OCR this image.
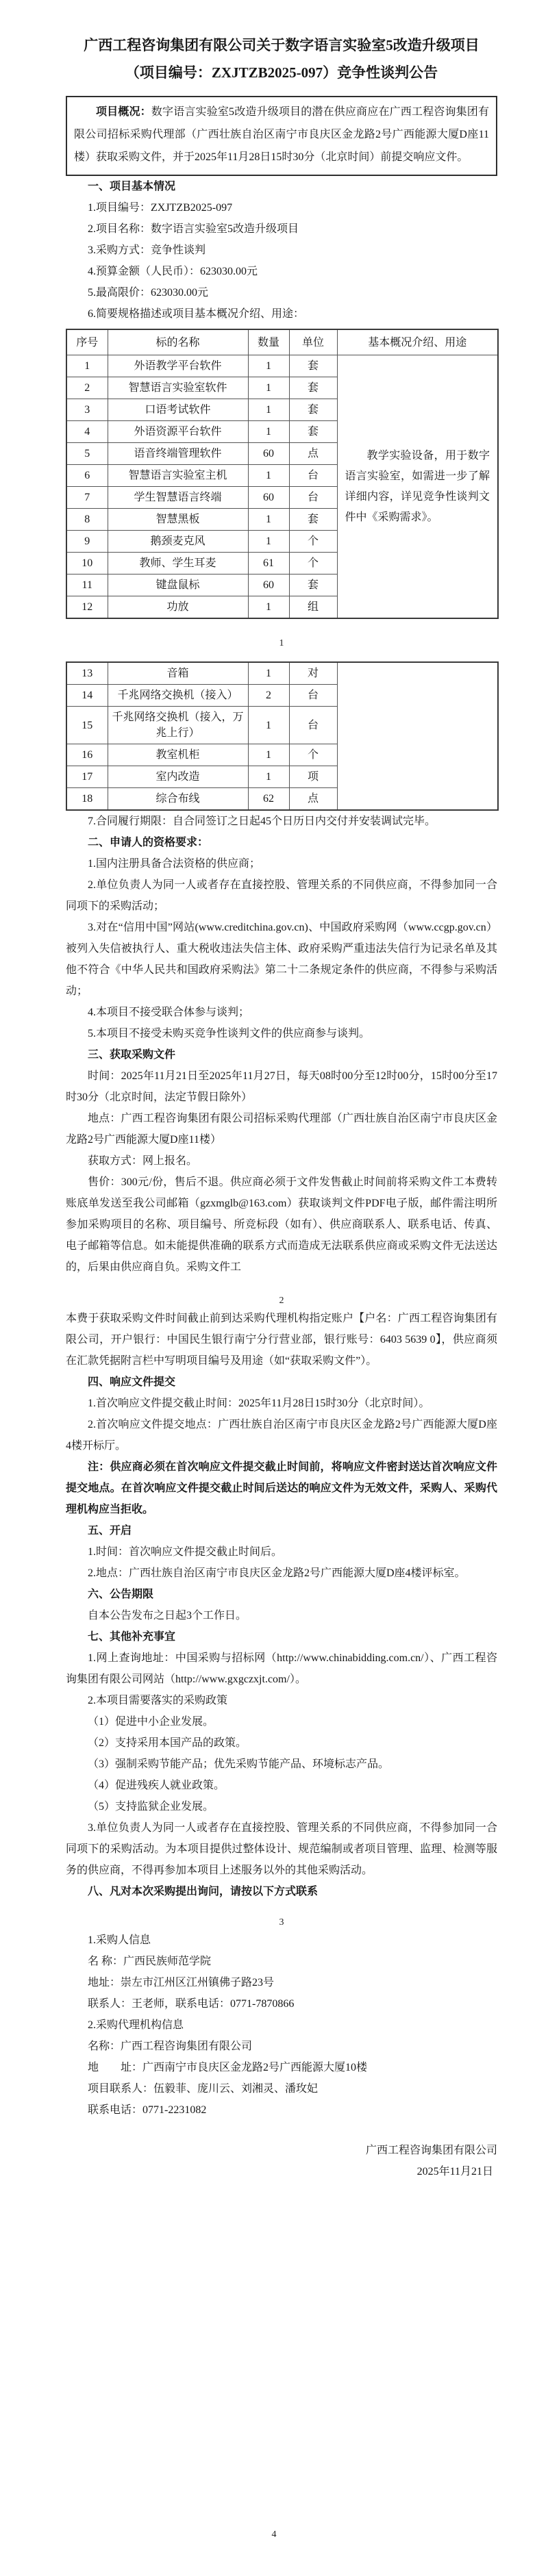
广西工程咨询集团有限公司关于数字语言实验室5改造升级项目

（项目编号：ZXJTZB2025-097）竞争性谈判公告

项目概况：数字语言实验室5改造升级项目的潜在供应商应在广西工程咨询集团有限公司招标采购代理部（广西壮族自治区南宁市良庆区金龙路2号广西能源大厦D座11楼）获取采购文件，并于2025年11月28日15时30分（北京时间）前提交响应文件。

一、项目基本情况

1.项目编号：ZXJTZB2025-097

2.项目名称：数字语言实验室5改造升级项目

3.采购方式：竞争性谈判

4.预算金额（人民币）：623030.00元

5.最高限价：623030.00元

6.简要规格描述或项目基本概况介绍、用途：

序号	标的名称	数量	单位	基本概况介绍、用途
1	外语教学平台软件	1	套	教学实验设备，用于数字语言实验室，如需进一步了解详细内容，详见竞争性谈判文件中《采购需求》。
2	智慧语言实验室软件	1	套	
3	口语考试软件	1	套	
4	外语资源平台软件	1	套	
5	语音终端管理软件	60	点	
6	智慧语言实验室主机	1	台	
7	学生智慧语言终端	60	台	
8	智慧黑板	1	套	
9	鹅颈麦克风	1	个	
10	教师、学生耳麦	61	个	
11	键盘鼠标	60	套	
12	功放	1	组	
1
13	音箱	1	对	
14	千兆网络交换机（接入）	2	台	
15	千兆网络交换机（接入，万兆上行）	1	台	
16	教室机柜	1	个	
17	室内改造	1	项	
18	综合布线	62	点	

7.合同履行期限：自合同签订之日起45个日历日内交付并安装调试完毕。

二、申请人的资格要求：

1.国内注册具备合法资格的供应商；

2.单位负责人为同一人或者存在直接控股、管理关系的不同供应商，不得参加同一合同项下的采购活动；

3.对在“信用中国”网站(www.creditchina.gov.cn)、中国政府采购网（www.ccgp.gov.cn）被列入失信被执行人、重大税收违法失信主体、政府采购严重违法失信行为记录名单及其他不符合《中华人民共和国政府采购法》第二十二条规定条件的供应商，不得参与采购活动；

4.本项目不接受联合体参与谈判；

5.本项目不接受未购买竞争性谈判文件的供应商参与谈判。

三、获取采购文件

时间：2025年11月21日至2025年11月27日，每天08时00分至12时00分，15时00分至17时30分（北京时间，法定节假日除外）

地点：广西工程咨询集团有限公司招标采购代理部（广西壮族自治区南宁市良庆区金龙路2号广西能源大厦D座11楼）

获取方式：网上报名。

售价：300元/份，售后不退。供应商必须于文件发售截止时间前将采购文件工本费转账底单发送至我公司邮箱（gzxmglb@163.com）获取谈判文件PDF电子版，邮件需注明所参加采购项目的名称、项目编号、所竞标段（如有）、供应商联系人、联系电话、传真、电子邮箱等信息。如未能提供准确的联系方式而造成无法联系供应商或采购文件无法送达的，后果由供应商自负。采购文件工

2

本费于获取采购文件时间截止前到达采购代理机构指定账户【户名：广西工程咨询集团有限公司，开户银行：中国民生银行南宁分行营业部，银行账号：6403 5639 0】，供应商须在汇款凭据附言栏中写明项目编号及用途（如“获取采购文件”）。

四、响应文件提交

1.首次响应文件提交截止时间：2025年11月28日15时30分（北京时间）。

2.首次响应文件提交地点：广西壮族自治区南宁市良庆区金龙路2号广西能源大厦D座4楼开标厅。

注：供应商必须在首次响应文件提交截止时间前，将响应文件密封送达首次响应文件提交地点。在首次响应文件提交截止时间后送达的响应文件为无效文件，采购人、采购代理机构应当拒收。

五、开启

1.时间：首次响应文件提交截止时间后。

2.地点：广西壮族自治区南宁市良庆区金龙路2号广西能源大厦D座4楼评标室。

六、公告期限

自本公告发布之日起3个工作日。

七、其他补充事宜

1.网上查询地址：中国采购与招标网（http://www.chinabidding.com.cn/）、广西工程咨询集团有限公司网站（http://www.gxgczxjt.com/）。

2.本项目需要落实的采购政策

（1）促进中小企业发展。

（2）支持采用本国产品的政策。

（3）强制采购节能产品；优先采购节能产品、环境标志产品。

（4）促进残疾人就业政策。

（5）支持监狱企业发展。

3.单位负责人为同一人或者存在直接控股、管理关系的不同供应商，不得参加同一合同项下的采购活动。为本项目提供过整体设计、规范编制或者项目管理、监理、检测等服务的供应商，不得再参加本项目上述服务以外的其他采购活动。

八、凡对本次采购提出询问，请按以下方式联系

3

1.采购人信息

名 称：广西民族师范学院

地址：崇左市江州区江州镇佛子路23号

联系人：王老师，联系电话：0771-7870866

2.采购代理机构信息

名称：广西工程咨询集团有限公司

地　　址：广西南宁市良庆区金龙路2号广西能源大厦10楼

项目联系人：伍毅菲、庞川云、刘湘灵、潘玫妃

联系电话：0771-2231082

广西工程咨询集团有限公司
2025年11月21日
4
